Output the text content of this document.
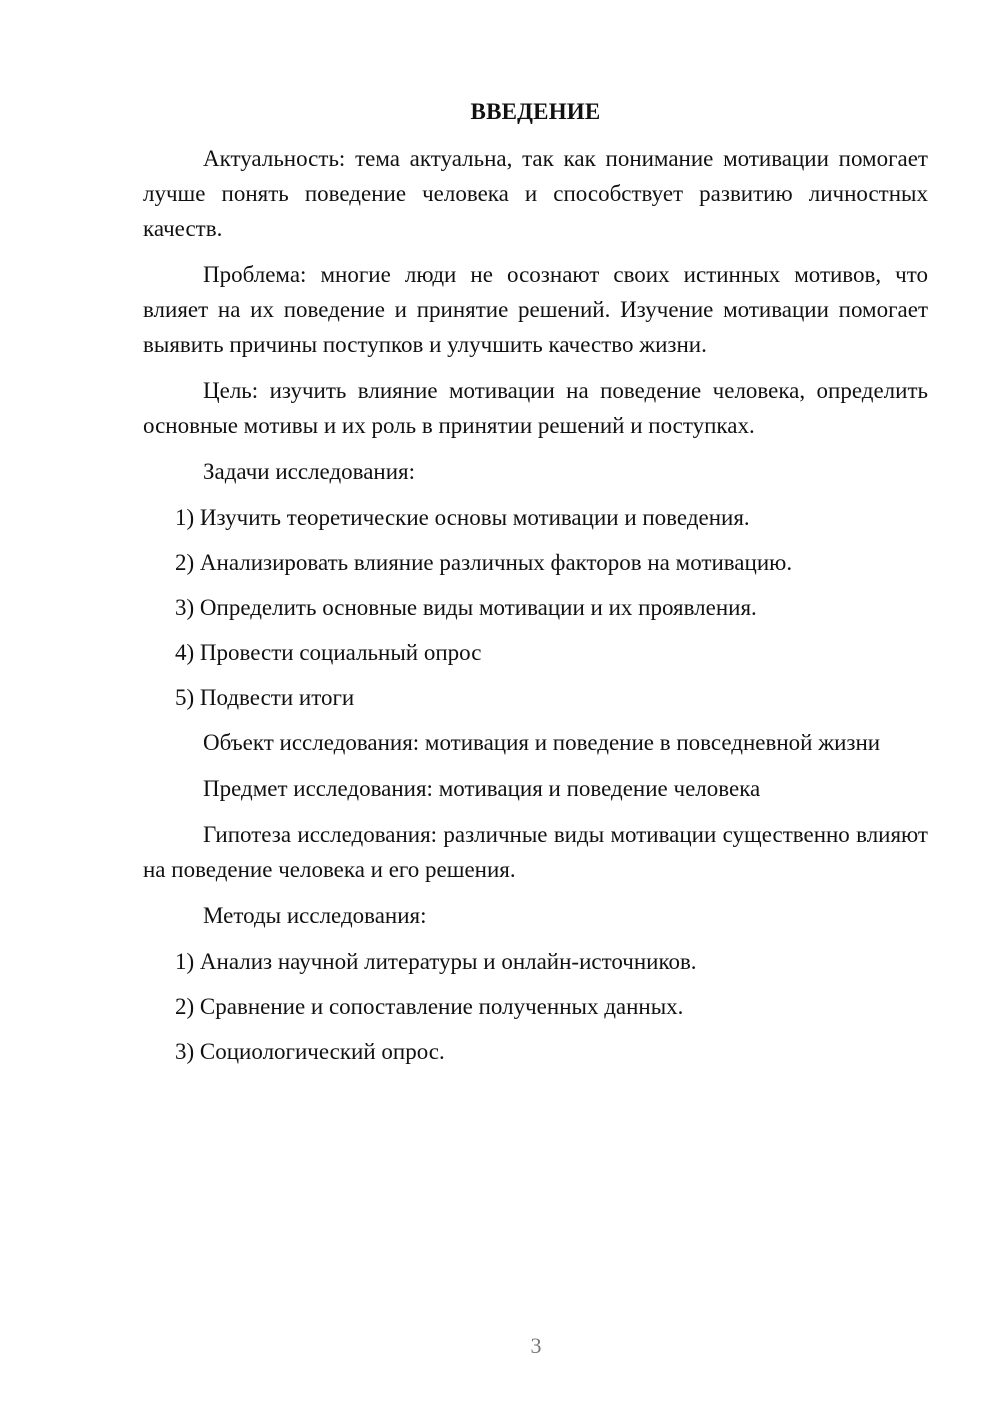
ВВЕДЕНИЕ

Актуальность: тема актуальна, так как понимание мотивации помогает лучше понять поведение человека и способствует развитию личностных качеств.

Проблема: многие люди не осознают своих истинных мотивов, что влияет на их поведение и принятие решений. Изучение мотивации помогает выявить причины поступков и улучшить качество жизни.

Цель: изучить влияние мотивации на поведение человека, определить основные мотивы и их роль в принятии решений и поступках.

Задачи исследования:

1) Изучить теоретические основы мотивации и поведения.
2) Анализировать влияние различных факторов на мотивацию.
3) Определить основные виды мотивации и их проявления.
4) Провести социальный опрос
5) Подвести итоги

Объект исследования: мотивация и поведение в повседневной жизни

Предмет исследования: мотивация и поведение человека

Гипотеза исследования: различные виды мотивации существенно влияют на поведение человека и его решения.

Методы исследования:

1) Анализ научной литературы и онлайн-источников.
2) Сравнение и сопоставление полученных данных.
3) Социологический опрос.
3
